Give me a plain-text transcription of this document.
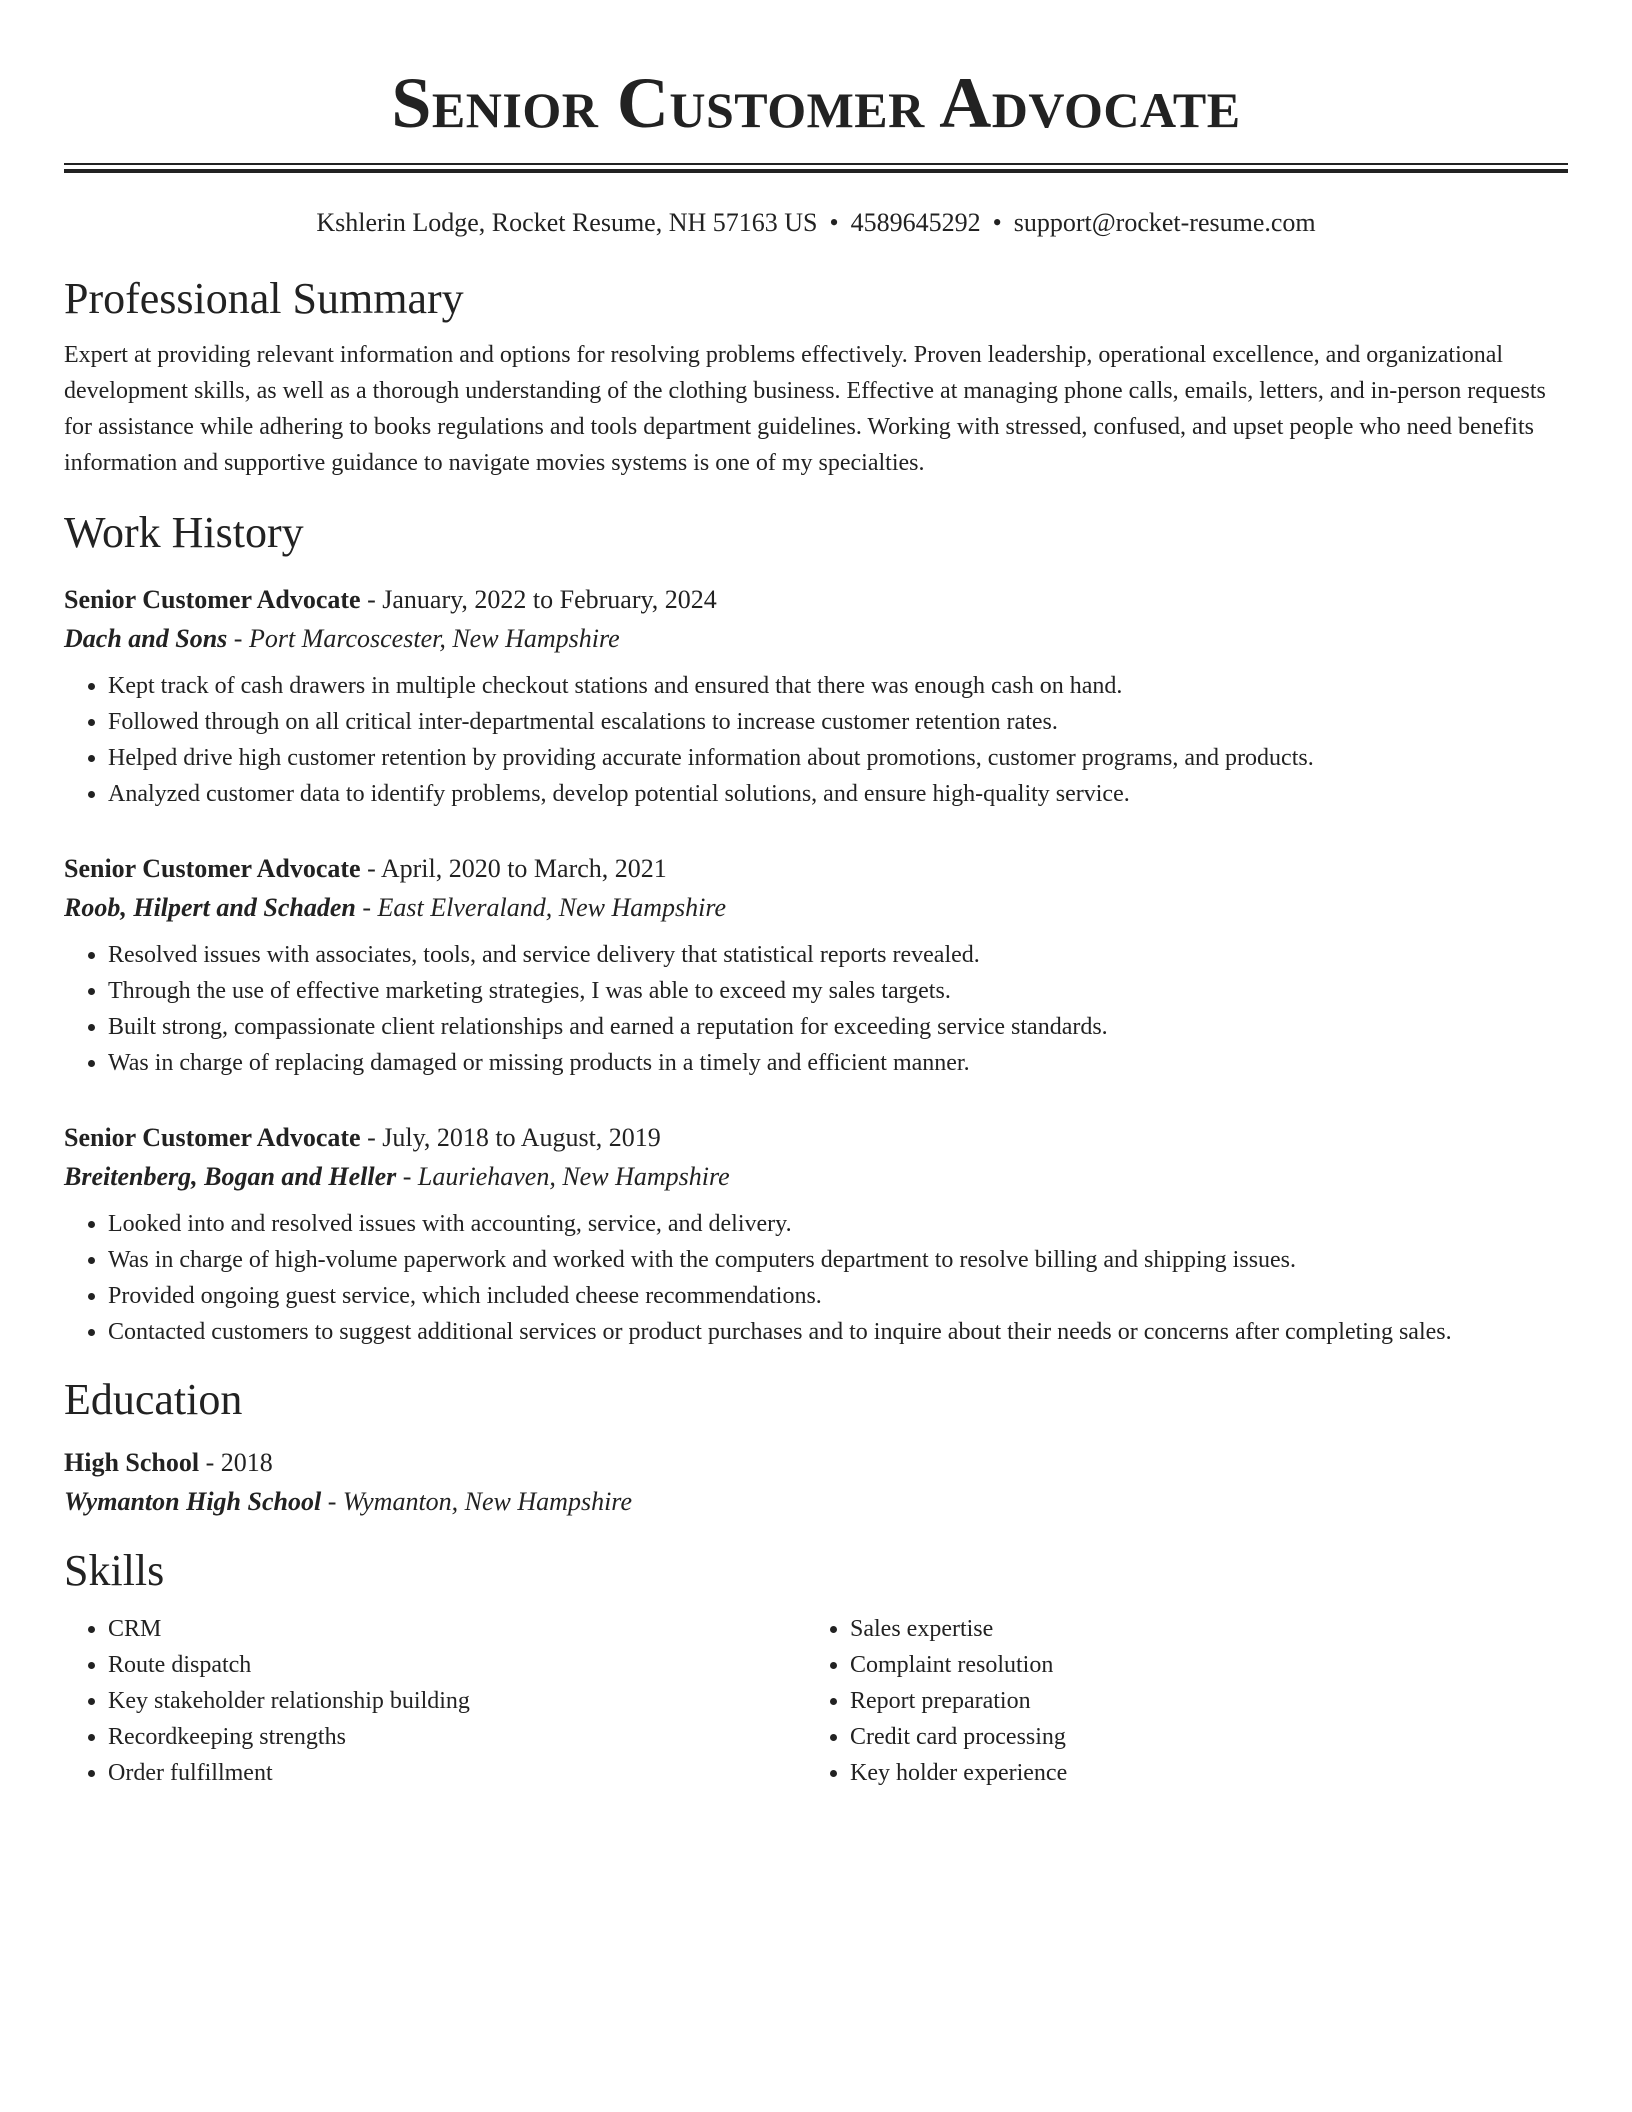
Senior Customer Advocate
Kshlerin Lodge, Rocket Resume, NH 57163 US • 4589645292 • support@rocket-resume.com
Professional Summary
Expert at providing relevant information and options for resolving problems effectively. Proven leadership, operational excellence, and organizational development skills, as well as a thorough understanding of the clothing business. Effective at managing phone calls, emails, letters, and in-person requests for assistance while adhering to books regulations and tools department guidelines. Working with stressed, confused, and upset people who need benefits information and supportive guidance to navigate movies systems is one of my specialties.
Work History
Senior Customer Advocate - January, 2022 to February, 2024
Dach and Sons - Port Marcoscester, New Hampshire
• Kept track of cash drawers in multiple checkout stations and ensured that there was enough cash on hand.
• Followed through on all critical inter-departmental escalations to increase customer retention rates.
• Helped drive high customer retention by providing accurate information about promotions, customer programs, and products.
• Analyzed customer data to identify problems, develop potential solutions, and ensure high-quality service.
Senior Customer Advocate - April, 2020 to March, 2021
Roob, Hilpert and Schaden - East Elveraland, New Hampshire
• Resolved issues with associates, tools, and service delivery that statistical reports revealed.
• Through the use of effective marketing strategies, I was able to exceed my sales targets.
• Built strong, compassionate client relationships and earned a reputation for exceeding service standards.
• Was in charge of replacing damaged or missing products in a timely and efficient manner.
Senior Customer Advocate - July, 2018 to August, 2019
Breitenberg, Bogan and Heller - Lauriehaven, New Hampshire
• Looked into and resolved issues with accounting, service, and delivery.
• Was in charge of high-volume paperwork and worked with the computers department to resolve billing and shipping issues.
• Provided ongoing guest service, which included cheese recommendations.
• Contacted customers to suggest additional services or product purchases and to inquire about their needs or concerns after completing sales.
Education
High School - 2018
Wymanton High School - Wymanton, New Hampshire
Skills
• CRM
• Route dispatch
• Key stakeholder relationship building
• Recordkeeping strengths
• Order fulfillment
• Sales expertise
• Complaint resolution
• Report preparation
• Credit card processing
• Key holder experience
